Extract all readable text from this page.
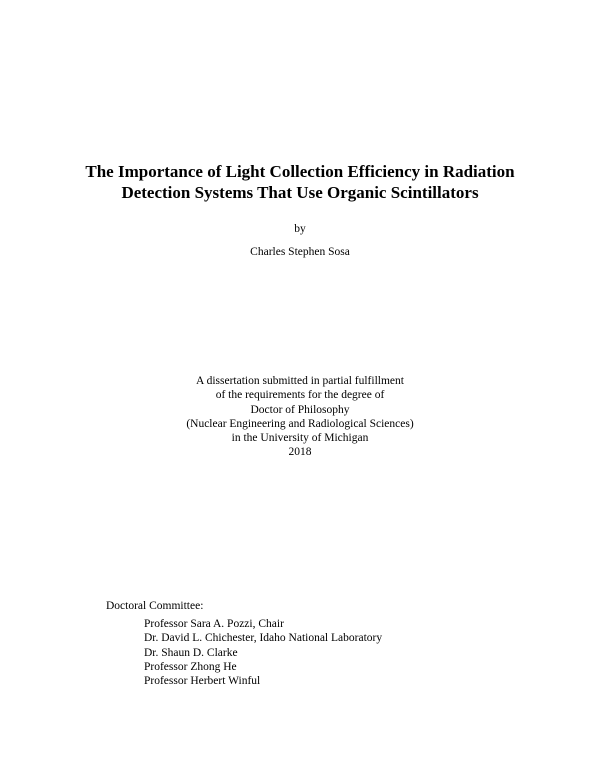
The Importance of Light Collection Efficiency in Radiation
Detection Systems That Use Organic Scintillators
by
Charles Stephen Sosa
A dissertation submitted in partial fulfillment
of the requirements for the degree of
Doctor of Philosophy
(Nuclear Engineering and Radiological Sciences)
in the University of Michigan
2018
Doctoral Committee:
Professor Sara A. Pozzi, Chair
Dr. David L. Chichester, Idaho National Laboratory
Dr. Shaun D. Clarke
Professor Zhong He
Professor Herbert Winful
